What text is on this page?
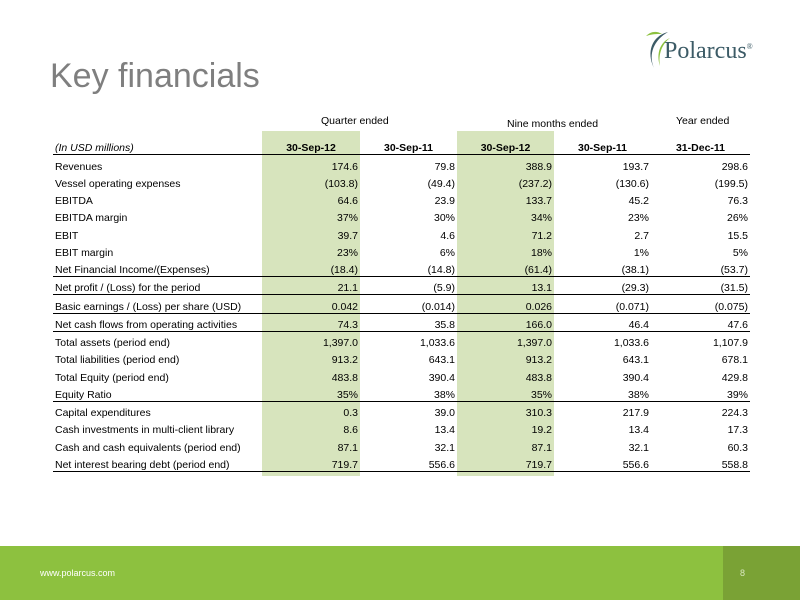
Key financials
Polarcus®
Quarter ended	Nine months ended	Year ended
(In USD millions)	30-Sep-12	30-Sep-11	30-Sep-12	30-Sep-11	31-Dec-11
Revenues	174.6	79.8	388.9	193.7	298.6
Vessel operating expenses	(103.8)	(49.4)	(237.2)	(130.6)	(199.5)
EBITDA	64.6	23.9	133.7	45.2	76.3
EBITDA margin	37%	30%	34%	23%	26%
EBIT	39.7	4.6	71.2	2.7	15.5
EBIT margin	23%	6%	18%	1%	5%
Net Financial Income/(Expenses)	(18.4)	(14.8)	(61.4)	(38.1)	(53.7)
Net profit / (Loss) for the period	21.1	(5.9)	13.1	(29.3)	(31.5)
Basic earnings / (Loss) per share (USD)	0.042	(0.014)	0.026	(0.071)	(0.075)
Net cash flows from operating activities	74.3	35.8	166.0	46.4	47.6
Total assets (period end)	1,397.0	1,033.6	1,397.0	1,033.6	1,107.9
Total liabilities (period end)	913.2	643.1	913.2	643.1	678.1
Total Equity (period end)	483.8	390.4	483.8	390.4	429.8
Equity Ratio	35%	38%	35%	38%	39%
Capital expenditures	0.3	39.0	310.3	217.9	224.3
Cash investments in multi-client library	8.6	13.4	19.2	13.4	17.3
Cash and cash equivalents (period end)	87.1	32.1	87.1	32.1	60.3
Net interest bearing debt (period end)	719.7	556.6	719.7	556.6	558.8
www.polarcus.com	8
